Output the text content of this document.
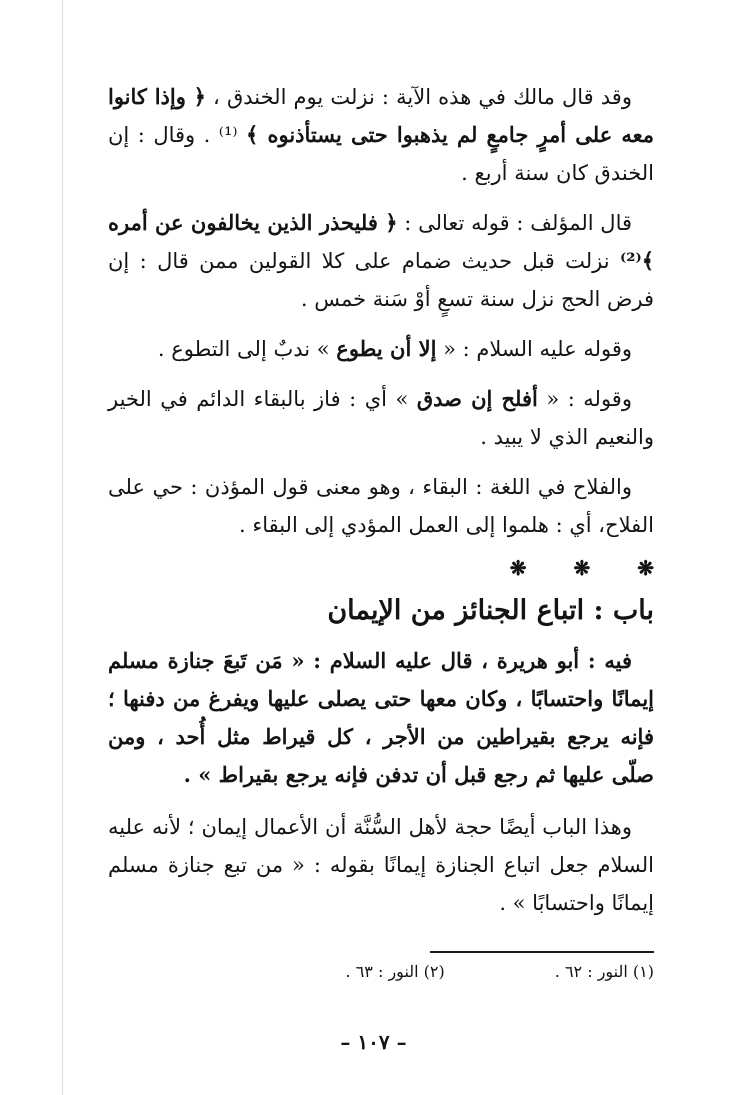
وقد قال مالك في هذه الآية : نزلت يوم الخندق ، ﴿ وإذا كانوا معه على أمرٍ جامعٍ لم يذهبوا حتى يستأذنوه ﴾ ⁽¹⁾ . وقال : إن الخندق كان سنة أربع .

قال المؤلف : قوله تعالى : ﴿ فليحذر الذين يخالفون عن أمره ﴾⁽²⁾ نزلت قبل حديث ضمام على كلا القولين ممن قال : إن فرض الحج نزل سنة تسعٍ أوْ سَنة خمس .

وقوله عليه السلام : « إلا أن يطوع » ندبٌ إلى التطوع .

وقوله : « أفلح إن صدق » أي : فاز بالبقاء الدائم في الخير والنعيم الذي لا يبيد .

والفلاح في اللغة : البقاء ، وهو معنى قول المؤذن : حي على الفلاح، أي : هلموا إلى العمل المؤدي إلى البقاء .

❋ ❋ ❋
باب : اتباع الجنائز من الإيمان

فيه : أبو هريرة ، قال عليه السلام : « مَن تَبعَ جنازة مسلم إيمانًا واحتسابًا ، وكان معها حتى يصلى عليها ويفرغ من دفنها ؛ فإنه يرجع بقيراطين من الأجر ، كل قيراط مثل أُحد ، ومن صلّى عليها ثم رجع قبل أن تدفن فإنه يرجع بقيراط » .

وهذا الباب أيضًا حجة لأهل السُّنَّة أن الأعمال إيمان ؛ لأنه عليه السلام جعل اتباع الجنازة إيمانًا بقوله : « من تبع جنازة مسلم إيمانًا واحتسابًا » .

(١) النور : ٦٢ .
(٢) النور : ٦٣ .
– ١٠٧ –
